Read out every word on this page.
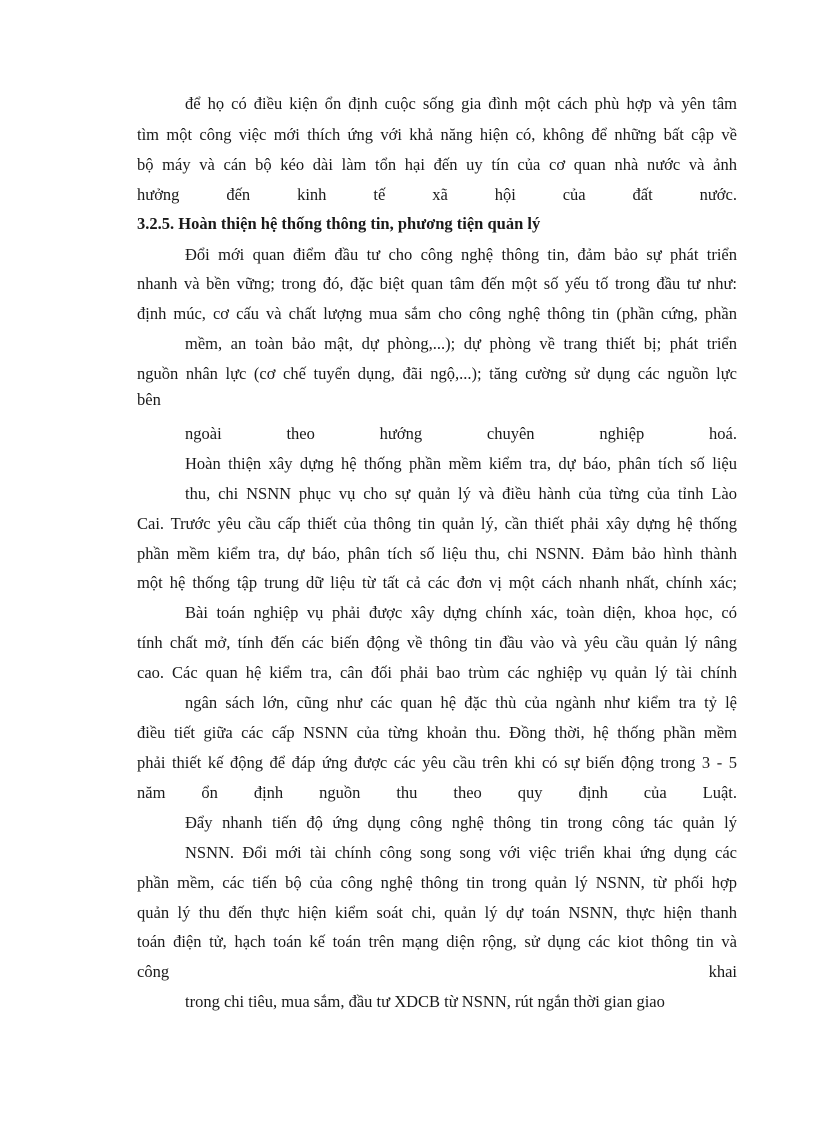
để họ có điều kiện ổn định cuộc sống gia đình một cách phù hợp và yên tâm
tìm một công việc mới thích ứng với khả năng hiện có, không để những bất cập về
bộ máy và cán bộ kéo dài làm tổn hại đến uy tín của cơ quan nhà nước và ảnh
hưởng đến kinh tế xã hội của đất nước.
3.2.5. Hoàn thiện hệ thống thông tin, phương tiện quản lý
Đổi mới quan điểm đầu tư cho công nghệ thông tin, đảm bảo sự phát triển
nhanh và bền vững; trong đó, đặc biệt quan tâm đến một số yếu tố trong đầu tư như:
định múc, cơ cấu và chất lượng mua sắm cho công nghệ thông tin (phần cứng, phần
mềm, an toàn bảo mật, dự phòng,...); dự phòng về trang thiết bị; phát triển
nguồn nhân lực (cơ chế tuyển dụng, đãi ngộ,...); tăng cường sử dụng các nguồn lực
bên
ngoài theo hướng chuyên nghiệp hoá.
Hoàn thiện xây dựng hệ thống phần mềm kiểm tra, dự báo, phân tích số liệu
thu, chi NSNN phục vụ cho sự quản lý và điều hành của từng của tỉnh Lào
Cai. Trước yêu cầu cấp thiết của thông tin quản lý, cần thiết phải xây dựng hệ thống
phần mềm kiểm tra, dự báo, phân tích số liệu thu, chi NSNN. Đảm bảo hình thành
một hệ thống tập trung dữ liệu từ tất cả các đơn vị một cách nhanh nhất, chính xác;
Bài toán nghiệp vụ phải được xây dựng chính xác, toàn diện, khoa học, có
tính chất mở, tính đến các biến động về thông tin đầu vào và yêu cầu quản lý nâng
cao. Các quan hệ kiểm tra, cân đối phải bao trùm các nghiệp vụ quản lý tài chính
ngân sách lớn, cũng như các quan hệ đặc thù của ngành như kiểm tra tỷ lệ
điều tiết giữa các cấp NSNN của từng khoản thu. Đồng thời, hệ thống phần mềm
phải thiết kế động để đáp ứng được các yêu cầu trên khi có sự biến động trong 3 - 5
năm ổn định nguồn thu theo quy định của Luật.
Đẩy nhanh tiến độ ứng dụng công nghệ thông tin trong công tác quản lý
NSNN. Đổi mới tài chính công song song với việc triển khai ứng dụng các
phần mềm, các tiến bộ của công nghệ thông tin trong quản lý NSNN, từ phối hợp
quản lý thu đến thực hiện kiểm soát chi, quản lý dự toán NSNN, thực hiện thanh
toán điện tử, hạch toán kế toán trên mạng diện rộng, sử dụng các kiot thông tin và
công khai
trong chi tiêu, mua sắm, đầu tư XDCB từ NSNN, rút ngắn thời gian giao
